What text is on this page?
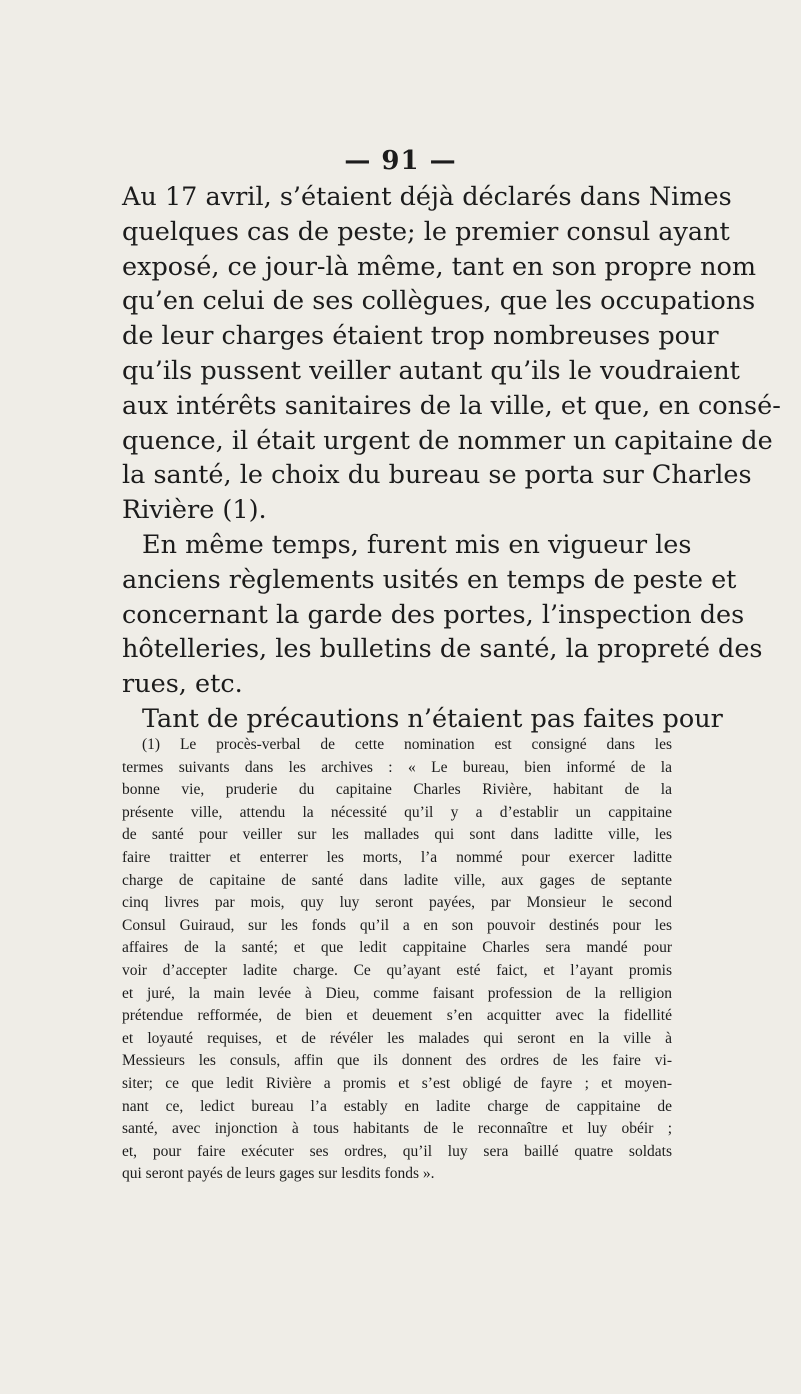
— 91 —
Au 17 avril, s’étaient déjà déclarés dans Nimes
quelques cas de peste; le premier consul ayant
exposé, ce jour-là même, tant en son propre nom
qu’en celui de ses collègues, que les occupations
de leur charges étaient trop nombreuses pour
qu’ils pussent veiller autant qu’ils le voudraient
aux intérêts sanitaires de la ville, et que, en consé-
quence, il était urgent de nommer un capitaine de
la santé, le choix du bureau se porta sur Charles
Rivière (1).
En même temps, furent mis en vigueur les
anciens règlements usités en temps de peste et
concernant la garde des portes, l’inspection des
hôtelleries, les bulletins de santé, la propreté des
rues, etc.
Tant de précautions n’étaient pas faites pour
(1) Le procès-verbal de cette nomination est consigné dans les
termes suivants dans les archives : « Le bureau, bien informé de la
bonne vie, pruderie du capitaine Charles Rivière, habitant de la
présente ville, attendu la nécessité qu’il y a d’establir un cappitaine
de santé pour veiller sur les mallades qui sont dans laditte ville, les
faire traitter et enterrer les morts, l’a nommé pour exercer laditte
charge de capitaine de santé dans ladite ville, aux gages de septante
cinq livres par mois, quy luy seront payées, par Monsieur le second
Consul Guiraud, sur les fonds qu’il a en son pouvoir destinés pour les
affaires de la santé; et que ledit cappitaine Charles sera mandé pour
voir d’accepter ladite charge. Ce qu’ayant esté faict, et l’ayant promis
et juré, la main levée à Dieu, comme faisant profession de la relligion
prétendue refformée, de bien et deuement s’en acquitter avec la fidellité
et loyauté requises, et de révéler les malades qui seront en la ville à
Messieurs les consuls, affin que ils donnent des ordres de les faire vi-
siter; ce que ledit Rivière a promis et s’est obligé de fayre ; et moyen-
nant ce, ledict bureau l’a estably en ladite charge de cappitaine de
santé, avec injonction à tous habitants de le reconnaître et luy obéir ;
et, pour faire exécuter ses ordres, qu’il luy sera baillé quatre soldats
qui seront payés de leurs gages sur lesdits fonds ».
